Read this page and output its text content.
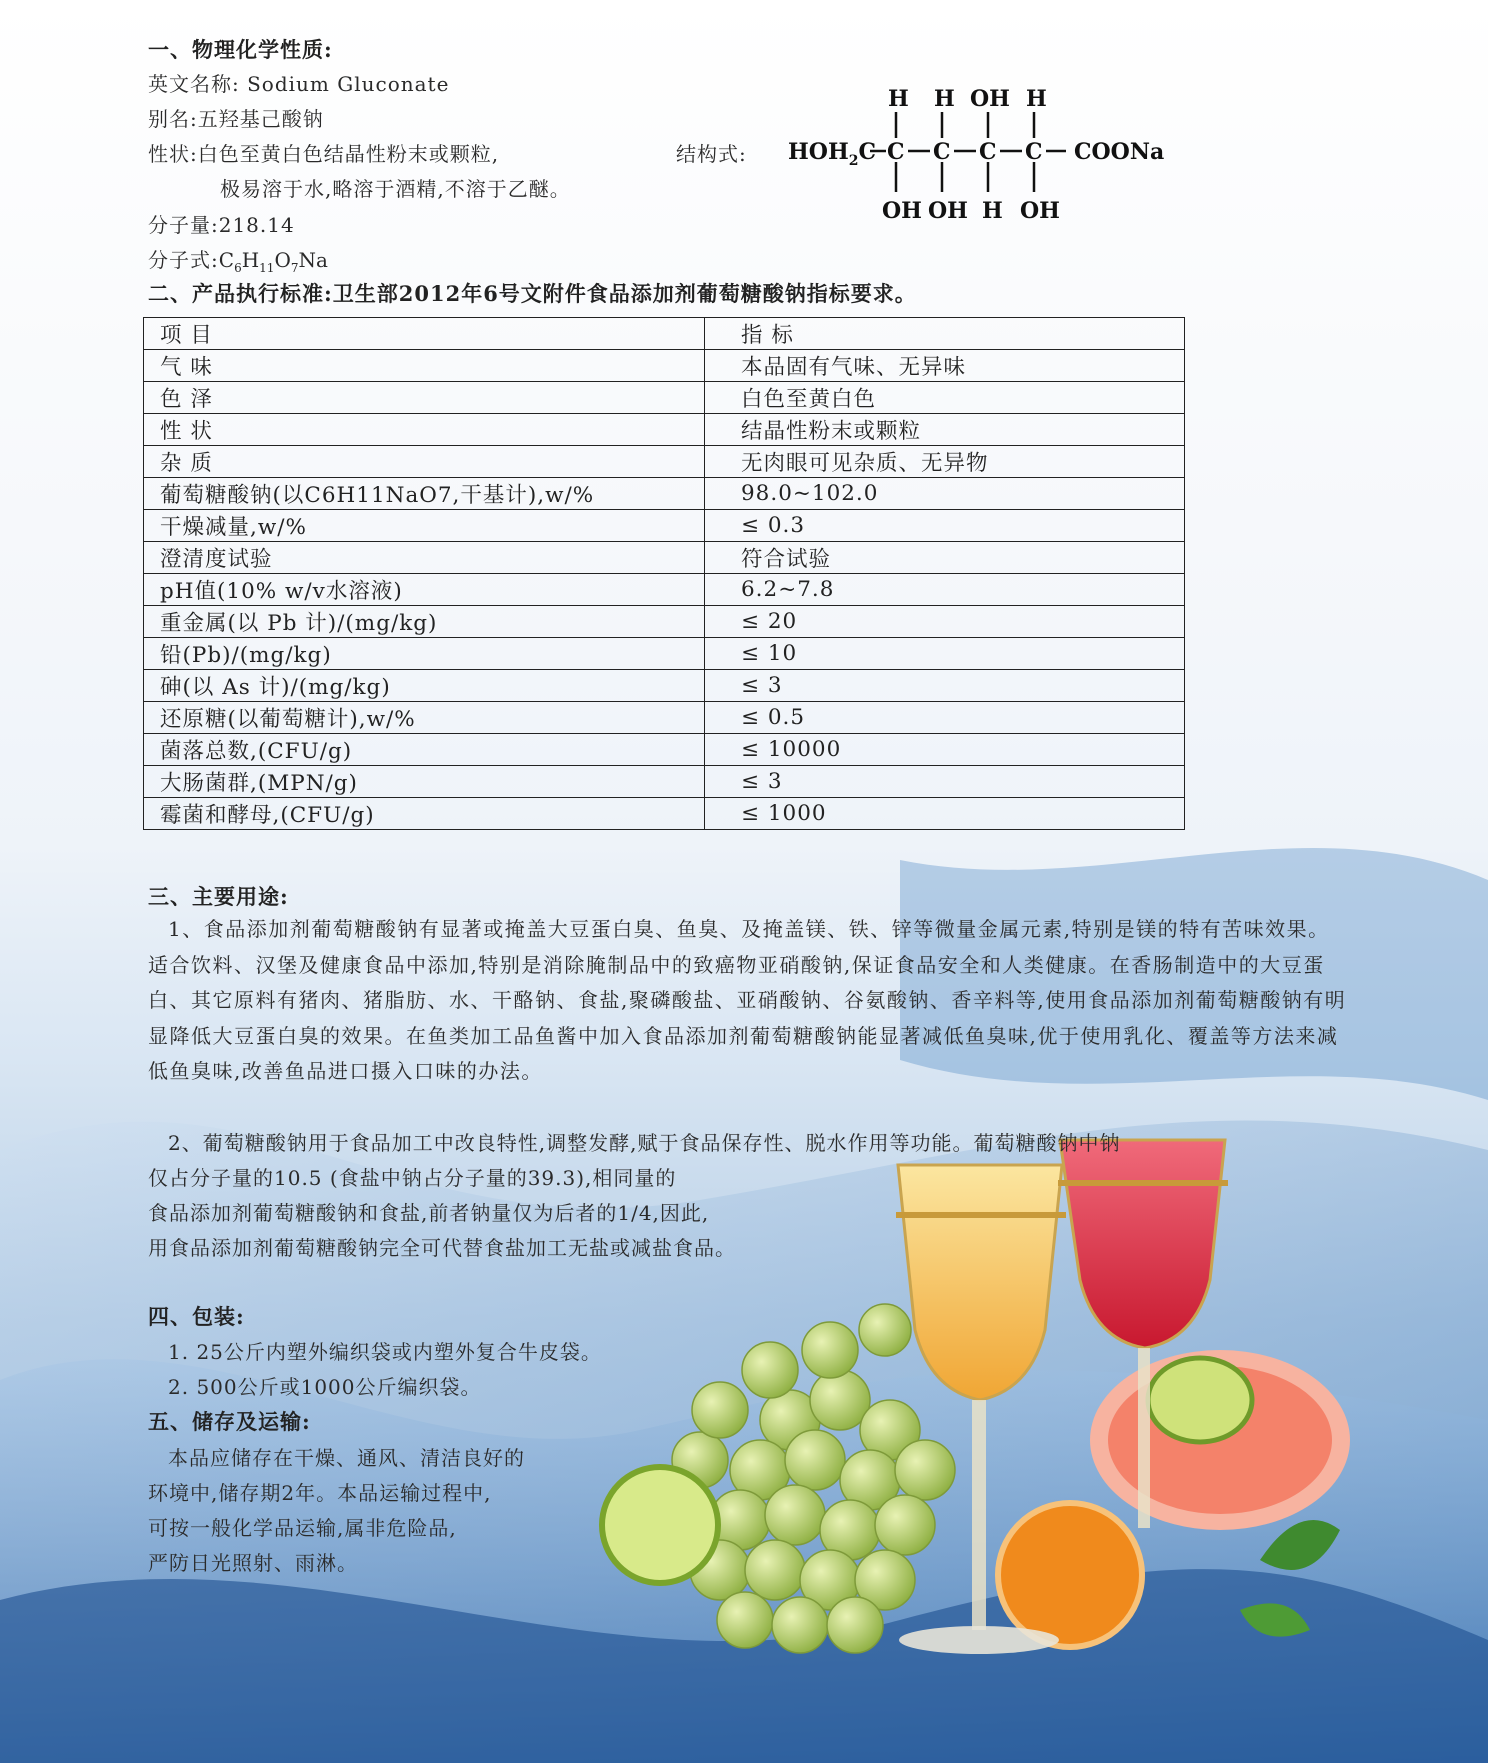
一、物理化学性质:
英文名称: Sodium Gluconate
别名:五羟基己酸钠
性状:白色至黄白色结晶性粉末或颗粒,
极易溶于水,略溶于酒精,不溶于乙醚。
分子量:218.14
分子式$:C_6H_{11}O_7Na$
结构式:
H H OH H
$HOH_2C$ C C C C COONa
OH OH H OH
二、产品执行标准:卫生部2012年6号文附件食品添加剂葡萄糖酸钠指标要求。
项 目	指 标
气 味	本品固有气味、无异味
色 泽	白色至黄白色
性 状	结晶性粉末或颗粒
杂 质	无肉眼可见杂质、无异物
葡萄糖酸钠(以C6H11NaO7,干基计),w/%	98.0~102.0
干燥减量,w/%	≤ 0.3
澄清度试验	符合试验
pH值(10% w/v水溶液)	6.2~7.8
重金属(以 Pb 计)/(mg/kg)	≤ 20
铅(Pb)/(mg/kg)	≤ 10
砷(以 As 计)/(mg/kg)	≤ 3
还原糖(以葡萄糖计),w/%	≤ 0.5
菌落总数,(CFU/g)	≤ 10000
大肠菌群,(MPN/g)	≤ 3
霉菌和酵母,(CFU/g)	≤ 1000
三、主要用途:

1、食品添加剂葡萄糖酸钠有显著或掩盖大豆蛋白臭、鱼臭、及掩盖镁、铁、锌等微量金属元素,特别是镁的特有苦味效果。适合饮料、汉堡及健康食品中添加,特别是消除腌制品中的致癌物亚硝酸钠,保证食品安全和人类健康。在香肠制造中的大豆蛋白、其它原料有猪肉、猪脂肪、水、干酪钠、食盐,聚磷酸盐、亚硝酸钠、谷氨酸钠、香辛料等,使用食品添加剂葡萄糖酸钠有明显降低大豆蛋白臭的效果。在鱼类加工品鱼酱中加入食品添加剂葡萄糖酸钠能显著减低鱼臭味,优于使用乳化、覆盖等方法来减低鱼臭味,改善鱼品进口摄入口味的办法。

2、葡萄糖酸钠用于食品加工中改良特性,调整发酵,赋于食品保存性、脱水作用等功能。葡萄糖酸钠中钠
仅占分子量的10.5 (食盐中钠占分子量的39.3),相同量的
食品添加剂葡萄糖酸钠和食盐,前者钠量仅为后者的1/4,因此,
用食品添加剂葡萄糖酸钠完全可代替食盐加工无盐或减盐食品。
四、包装:
1. 25公斤内塑外编织袋或内塑外复合牛皮袋。
2. 500公斤或1000公斤编织袋。
五、储存及运输:
本品应储存在干燥、通风、清洁良好的
环境中,储存期2年。本品运输过程中,
可按一般化学品运输,属非危险品,
严防日光照射、雨淋。
